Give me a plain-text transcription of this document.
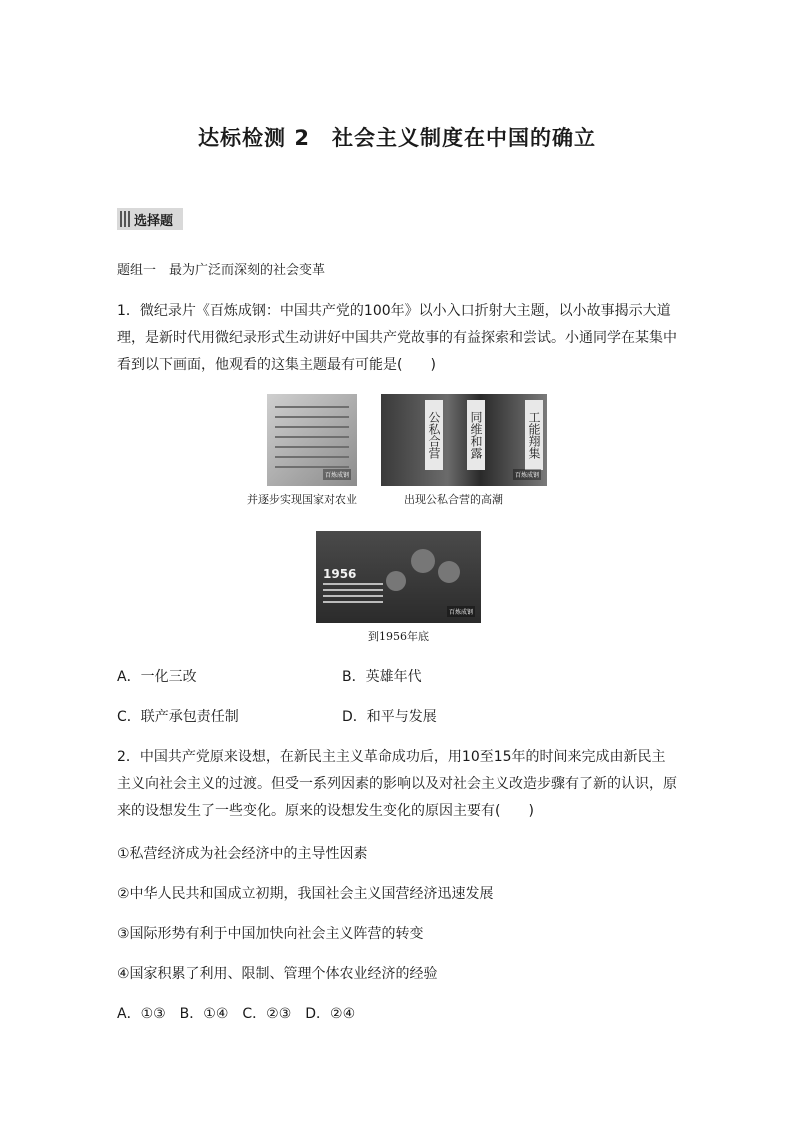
达标检测 2　社会主义制度在中国的确立
选择题
题组一　最为广泛而深刻的社会变革
1．微纪录片《百炼成钢：中国共产党的100年》以小入口折射大主题，以小故事揭示大道理，是新时代用微纪录形式生动讲好中国共产党故事的有益探索和尝试。小通同学在某集中看到以下画面，他观看的这集主题最有可能是(　　)
百炼成钢
公私合营 同维和露	工能翔集
百炼成钢
并逐步实现国家对农业	出现公私合营的高潮
1956
百炼成钢
到1956年底
A．一化三改	B．英雄年代
C．联产承包责任制	D．和平与发展
2．中国共产党原来设想，在新民主主义革命成功后，用10至15年的时间来完成由新民主主义向社会主义的过渡。但受一系列因素的影响以及对社会主义改造步骤有了新的认识，原来的设想发生了一些变化。原来的设想发生变化的原因主要有(　　)
①私营经济成为社会经济中的主导性因素
②中华人民共和国成立初期，我国社会主义国营经济迅速发展
③国际形势有利于中国加快向社会主义阵营的转变
④国家积累了利用、限制、管理个体农业经济的经验
A．①③　B．①④　C．②③　D．②④
